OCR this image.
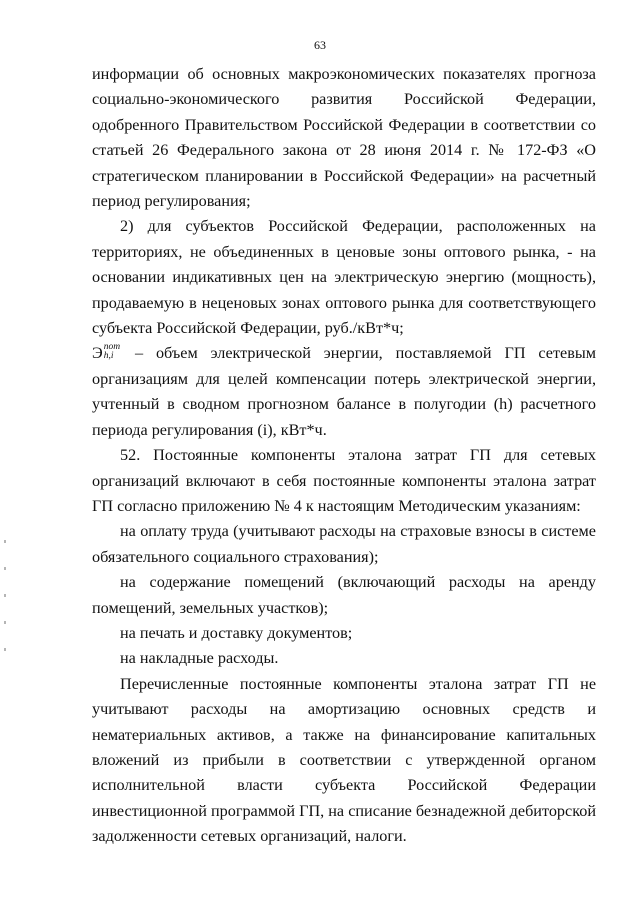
63

информации об основных макроэкономических показателях прогноза социально-экономического развития Российской Федерации, одобренного Правительством Российской Федерации в соответствии со статьей 26 Федерального закона от 28 июня 2014 г. № 172-ФЗ «О стратегическом планировании в Российской Федерации» на расчетный период регулирования;

2) для субъектов Российской Федерации, расположенных на территориях, не объединенных в ценовые зоны оптового рынка, - на основании индикативных цен на электрическую энергию (мощность), продаваемую в неценовых зонах оптового рынка для соответствующего субъекта Российской Федерации, руб./кВт*ч;

Э пот
h,i – объем электрической энергии, поставляемой ГП сетевым организациям для целей компенсации потерь электрической энергии, учтенный в сводном прогнозном балансе в полугодии (h) расчетного периода регулирования (i), кВт*ч.

52. Постоянные компоненты эталона затрат ГП для сетевых организаций включают в себя постоянные компоненты эталона затрат ГП согласно приложению № 4 к настоящим Методическим указаниям:

на оплату труда (учитывают расходы на страховые взносы в системе обязательного социального страхования);

на содержание помещений (включающий расходы на аренду помещений, земельных участков);

на печать и доставку документов;

на накладные расходы.

Перечисленные постоянные компоненты эталона затрат ГП не учитывают расходы на амортизацию основных средств и нематериальных активов, а также на финансирование капитальных вложений из прибыли в соответствии с утвержденной органом исполнительной власти субъекта Российской Федерации инвестиционной программой ГП, на списание безнадежной дебиторской задолженности сетевых организаций, налоги.
